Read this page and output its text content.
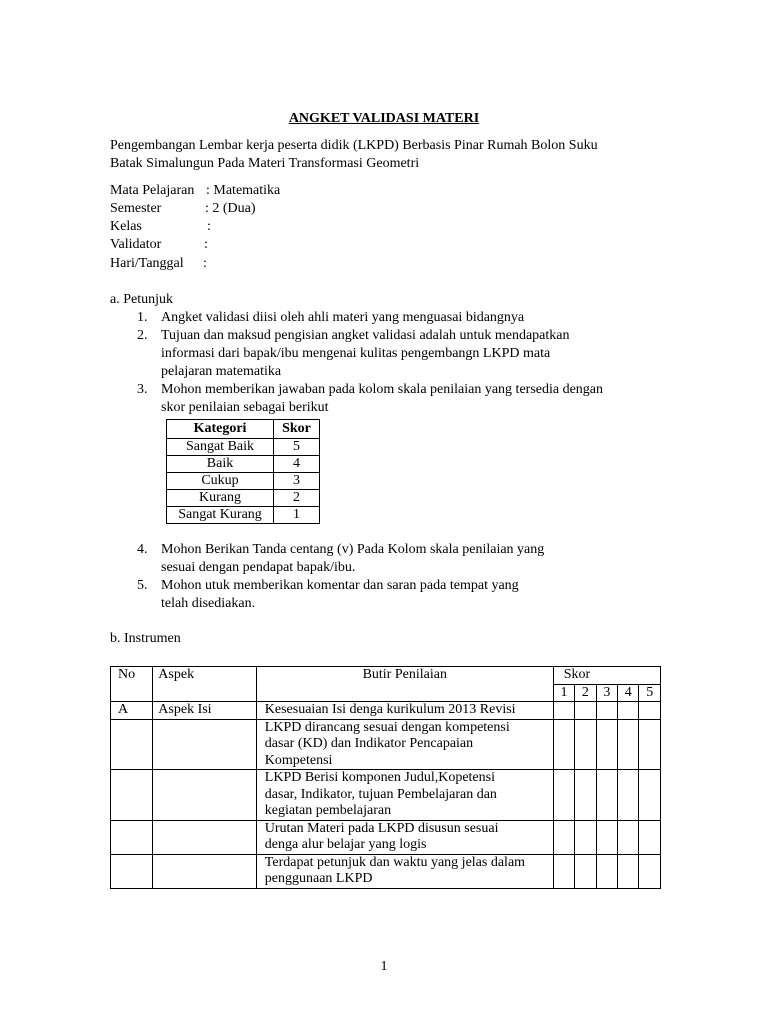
ANGKET VALIDASI MATERI
Pengembangan Lembar kerja peserta didik (LKPD) Berbasis Pinar Rumah Bolon Suku
Batak Simalungun Pada Materi Transformasi Geometri
Mata Pelajaran : Matematika
Semester	: 2 (Dua)
Kelas	:
Validator	:
Hari/Tanggal :
a. Petunjuk
1. Angket validasi diisi oleh ahli materi yang menguasai bidangnya
2. Tujuan dan maksud pengisian angket validasi adalah untuk mendapatkan
informasi dari bapak/ibu mengenai kulitas pengembangn LKPD mata
pelajaran matematika
3. Mohon memberikan jawaban pada kolom skala penilaian yang tersedia dengan
skor penilaian sebagai berikut
Kategori	Skor
Sangat Baik	5
Baik	4
Cukup	3
Kurang	2
Sangat Kurang	1
4. Mohon Berikan Tanda centang (v) Pada Kolom skala penilaian yang
sesuai dengan pendapat bapak/ibu.
5. Mohon utuk memberikan komentar dan saran pada tempat yang
telah disediakan.
b. Instrumen
No	Aspek	Butir Penilaian	Skor				
			1	2	3	4	5
A	Aspek Isi	Kesesuaian Isi denga kurikulum 2013 Revisi					

		LKPD dirancang sesuai dengan kompetensi
dasar (KD) dan Indikator Pencapaian
Kompetensi					

		LKPD Berisi komponen Judul,Kopetensi
dasar, Indikator, tujuan Pembelajaran dan
kegiatan pembelajaran					

		Urutan Materi pada LKPD disusun sesuai
denga alur belajar yang logis					

		Terdapat petunjuk dan waktu yang jelas dalam
penggunaan LKPD					

1
